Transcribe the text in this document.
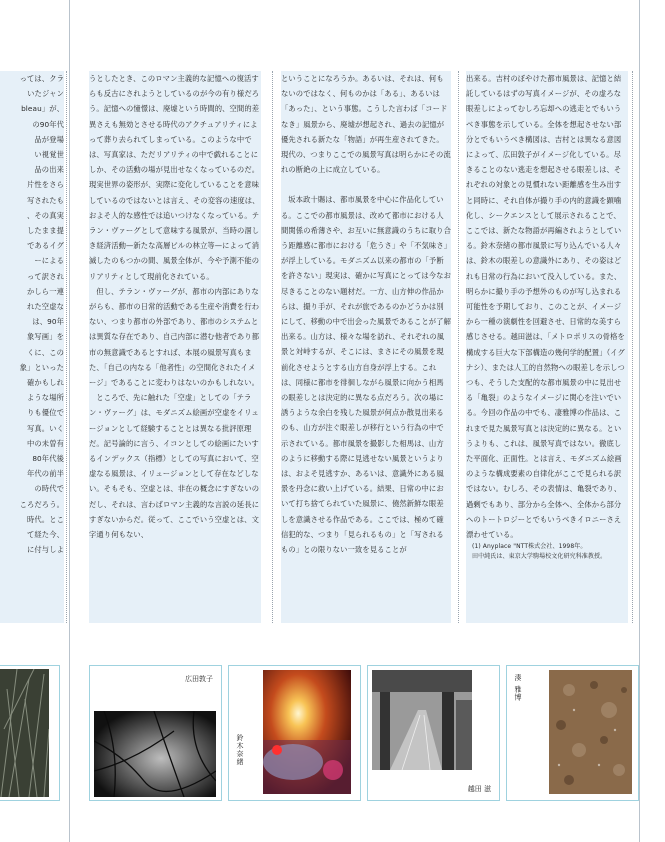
っては、クラ

いたジャン

bleau」が、

の90年代

品が登場

い視覚世

品の出来

片性をさら

写されたも

、その真実

したまま提

であるイグ

ーによる

って訳され

かしら一連

れた空虚な

は、90年

象写画」を

くに、この

象」といった

確かもしれ

ような場所

りも優位で

写真。いく

中の未曽有

80年代後

年代の前半

の時代で

ころだろう。

時代。とこ

て経た今、

に付与しよ

うとしたとき、このロマン主義的な記憶への復活すらも反古にされようとしているのが今の有り様だろう。記憶への憧憬は、廃墟という時間的、空間的差異さえも無効とさせる時代のアクチュアリティによって葬り去られてしまっている。このような中では、写真家は、ただリアリティの中で戯れることにしか、その活動の場が見出せなくなっているのだ。現実世界の姿形が、実際に変化していることを意味しているのではないとは言え、その変容の速度は、およそ人的な感性では追いつけなくなっている。テラン・ヴァーグとして意味する風景が、当時の涸しき経済活動—新たな高層ビルの林立等—によって消滅したのもつかの間、風景全体が、今や予測不能のリアリティとして現前化されている。

但し、テラン・ヴァーグが、都市の内部にありながらも、都市の日常的活動である生産や消費を行わない、つまり都市の外部であり、都市のシステムとは異質な存在であり、自己内部に潜む他者であり都市の無意識であるとすれば、本展の風景写真もまた、「自己の内なる「他者性」の空間化されたイメージ」であることに変わりはないのかもしれない。

ところで、先に触れた「空虚」としての「テラン・ヴァーグ」は、モダニズム絵画が空虚をイリュージョンとして経験することとは異なる批評原理だ。記号論的に言う、イコンとしての絵画にたいするインデックス（指標）としての写真において、空虚なる風景は、イリュージョンとして存在などしない。そもそも、空虚とは、非在の概念にすぎないのだし、それは、言わばロマン主義的な言説の延長にすぎないからだ。従って、ここでいう空虚とは、文字通り何もない、

ということになろうか。あるいは、それは、何もないのではなく、何ものかは「ある」、あるいは「あった」、という事態。こうした言わば「コードなき」風景から、廃墟が想起され、過去の記憶が優先される新たな「物語」が再生産されてきた。現代の、つまりここでの風景写真は明らかにその流れの断絶の上に成立している。

坂本政十賜は、都市風景を中心に作品化している。ここでの都市風景は、改めて都市における人間関係の希薄さや、お互いに無意識のうちに取り合う距離感に都市における「危うさ」や「不気味さ」が浮上している。モダニズム以来の都市の「予断を許さない」現実は、確かに写真にとっては今なお尽きることのない題材だ。一方、山方伸の作品からは、撮り手が、それが旅であるのかどうかは別にして、移動の中で出会った風景であることが了解出来る。山方は、様々な場を訪れ、それぞれの風景と対峙するが、そこには、まさにその風景を現前化させようとする山方自身が浮上する。これは、同様に都市を徘徊しながら風景に向かう相馬の眼差しとは決定的に異なる点だろう。次の場に誘うような余白を残した風景が何点か散見出来るのも、山方が注ぐ眼差しが移行という行為の中で示されている。都市風景を撮影した相馬は、山方のように移動する際に見逃せない風景というよりは、およそ見逃すか、あるいは、意識外にある風景を丹念に救い上げている。結果、日常の中において打ち捨てられていた風景に、僥然新鮮な眼差しを意識させる作品である。ここでは、極めて確信犯的な、つまり「見られるもの」と「写されるもの」との限りない一致を見ることが

出来る。吉村のぼやけた都市風景は、記憶と結託しているはずの写真イメージが、その虚ろな眼差しによってむしろ忘却への逃走とでもいうべき事態を示している。全体を想起させない部分とでもいうべき構図は、吉村とは異なる意図によって、広田敦子がイメージ化している。尽きることのない逃走を想起させる眼差しは、それぞれの対象との見慣れない距離感を生み出すと同時に、それ自体が撮り手の内的意識を顕噛化し、シークエンスとして展示されることで、ここでは、新たな物語が再編されようとしている。鈴木奈緒の都市風景に写り込んでいる人々は、鈴木の眼差しの意識外にあり、その姿はどれも日常の行為において没入している。また、明らかに撮り手の予想外のものが写し込まれる可能性を予期しており、このことが、イメージから一種の演劇性を回避させ、日常的な美すら感じさせる。越田滋は、「メトロポリスの骨格を構成する巨大な下部構造の幾何学的配置」（イグナシ）、または人工的自然物への眼差しを示しつつも、そうした支配的な都市風景の中に見出せる「亀裂」のようなイメージに関心を注いでいる。今回の作品の中でも、凄雅博の作品は、これまで見た風景写真とは決定的に異なる。というよりも、これは、風景写真ではない。徹底した平面化、正面性。とは言え、モダニズム絵画のような構成要素の自律化がここで見られる訳ではない。むしろ、その表情は、亀裂であり、過剰でもあり、部分から全体へ、全体から部分へのトートロジーとでもいうべきイロニーさえ漂わせている。

(1) Anyplace "NTT株式会社、1998年。

田中純氏は、東京大学駒場校文化研究科准教授。

広田敦子
鈴木奈緒
越田 滋
湊 雅博
